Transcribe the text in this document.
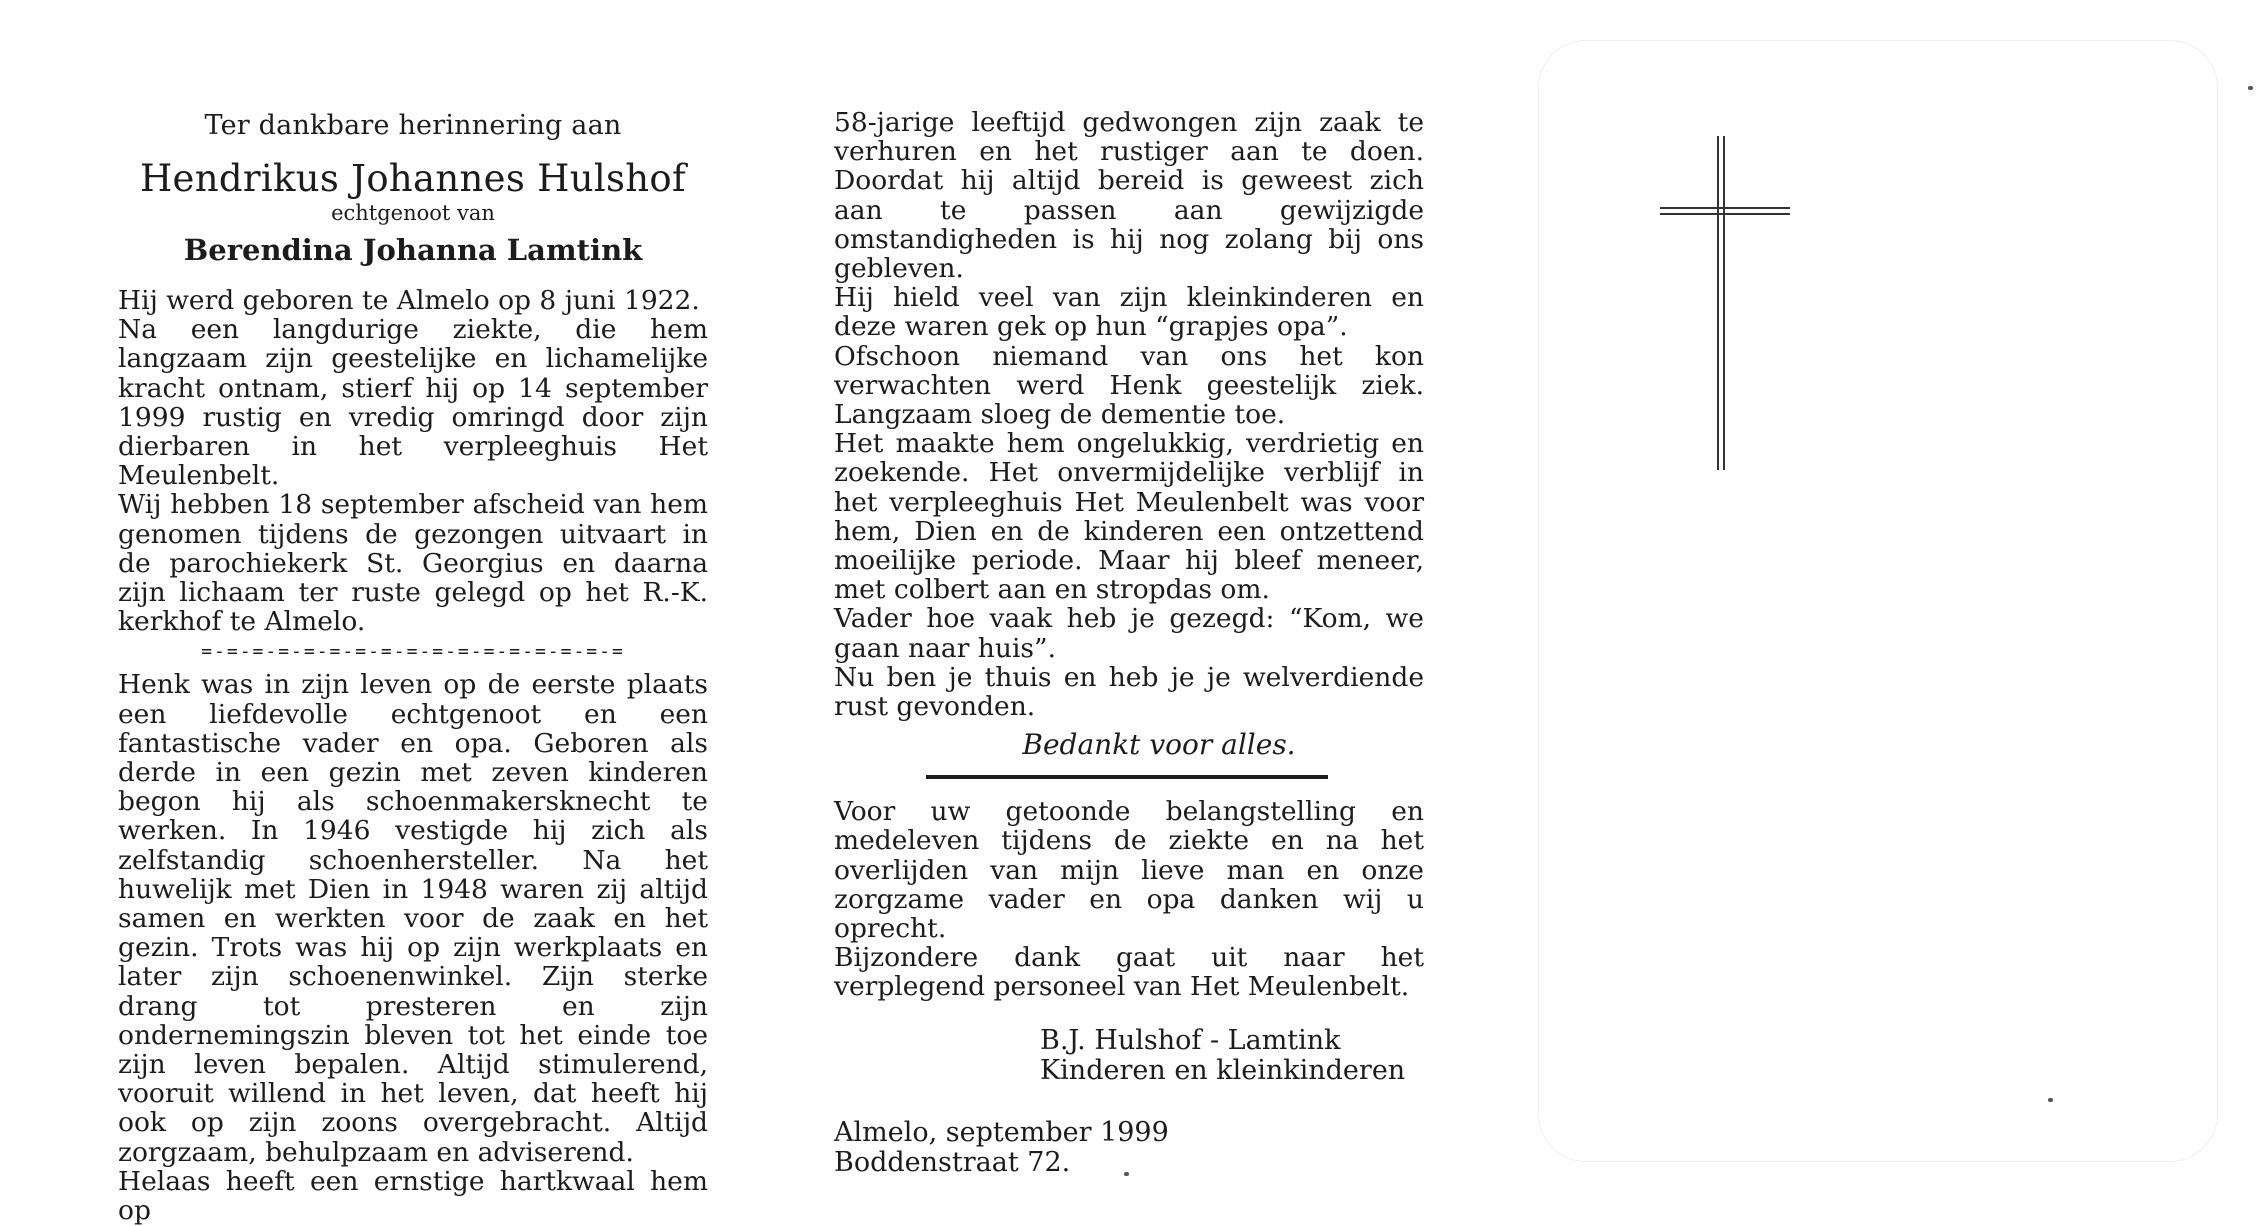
Ter dankbare herinnering aan
Hendrikus Johannes Hulshof
echtgenoot van
Berendina Johanna Lamtink

Hij werd geboren te Almelo op 8 juni 1922.

Na een langdurige ziekte, die hem langzaam zijn geestelijke en lichamelijke kracht ontnam, stierf hij op 14 september 1999 rustig en vredig omringd door zijn dierbaren in het verpleeghuis Het Meulenbelt.

Wij hebben 18 september afscheid van hem genomen tijdens de gezongen uitvaart in de parochiekerk St. Georgius en daarna zijn lichaam ter ruste gelegd op het R.-K. kerkhof te Almelo.

=-=-=-=-=-=-=-=-=-=-=-=-=-=-=-=-=

Henk was in zijn leven op de eerste plaats een liefdevolle echtgenoot en een fantastische vader en opa. Geboren als derde in een gezin met zeven kinderen begon hij als schoenmakersknecht te werken. In 1946 vestigde hij zich als zelfstandig schoenhersteller. Na het huwelijk met Dien in 1948 waren zij altijd samen en werkten voor de zaak en het gezin. Trots was hij op zijn werkplaats en later zijn schoenenwinkel. Zijn sterke drang tot presteren en zijn ondernemingszin bleven tot het einde toe zijn leven bepalen. Altijd stimulerend, vooruit willend in het leven, dat heeft hij ook op zijn zoons overgebracht. Altijd zorgzaam, behulpzaam en adviserend.

Helaas heeft een ernstige hartkwaal hem op

58-jarige leeftijd gedwongen zijn zaak te verhuren en het rustiger aan te doen. Doordat hij altijd bereid is geweest zich aan te passen aan gewijzigde omstandigheden is hij nog zolang bij ons gebleven.

Hij hield veel van zijn kleinkinderen en deze waren gek op hun “grapjes opa”.

Ofschoon niemand van ons het kon verwachten werd Henk geestelijk ziek. Langzaam sloeg de dementie toe.

Het maakte hem ongelukkig, verdrietig en zoekende. Het onvermijdelijke verblijf in het verpleeghuis Het Meulenbelt was voor hem, Dien en de kinderen een ontzettend moeilijke periode. Maar hij bleef meneer, met colbert aan en stropdas om.

Vader hoe vaak heb je gezegd: “Kom, we gaan naar huis”.

Nu ben je thuis en heb je je welverdiende rust gevonden.

Bedankt voor alles.

Voor uw getoonde belangstelling en medeleven tijdens de ziekte en na het overlijden van mijn lieve man en onze zorgzame vader en opa danken wij u oprecht.

Bijzondere dank gaat uit naar het verplegend personeel van Het Meulenbelt.

B.J. Hulshof - Lamtink
Kinderen en kleinkinderen
Almelo, september 1999
Boddenstraat 72.
